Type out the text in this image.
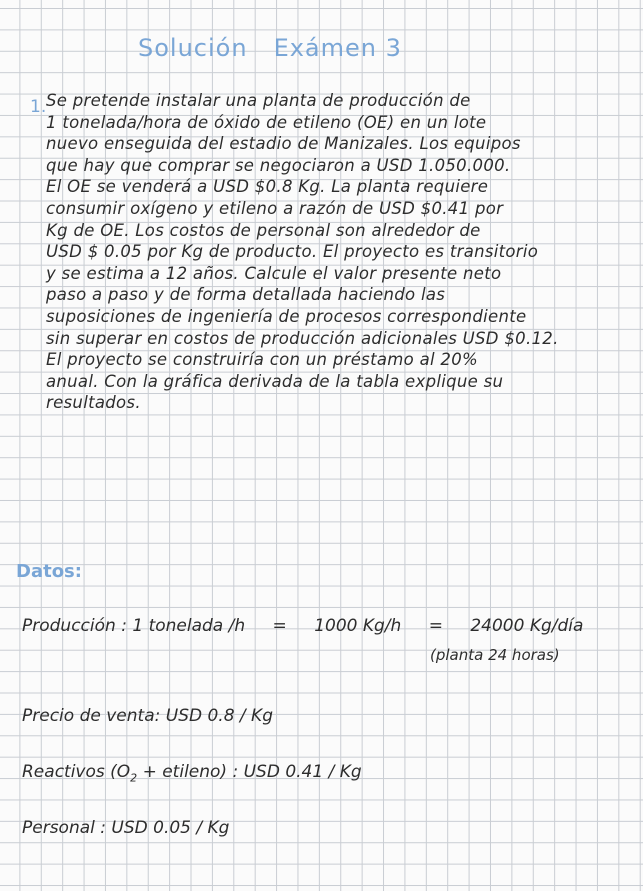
Solución Exámen 3
1. Se pretende instalar una planta de producción de
1 tonelada/hora de óxido de etileno (OE) en un lote
nuevo enseguida del estadio de Manizales. Los equipos
que hay que comprar se negociaron a USD 1.050.000.
El OE se venderá a USD $0.8 Kg. La planta requiere
consumir oxígeno y etileno a razón de USD $0.41 por
Kg de OE. Los costos de personal son alrededor de
USD $ 0.05 por Kg de producto. El proyecto es transitorio
y se estima a 12 años. Calcule el valor presente neto
paso a paso y de forma detallada haciendo las
suposiciones de ingeniería de procesos correspondiente
sin superar en costos de producción adicionales USD $0.12.
El proyecto se construiría con un préstamo al 20%
anual. Con la gráfica derivada de la tabla explique su
resultados.

Datos:

Producción : 1 tonelada /h = 1000 Kg/h = 24000 Kg/día

(planta 24 horas)

Precio de venta: USD 0.8 / Kg

Reactivos ($O_2$ + etileno) : USD 0.41 / Kg

Personal : USD 0.05 / Kg
